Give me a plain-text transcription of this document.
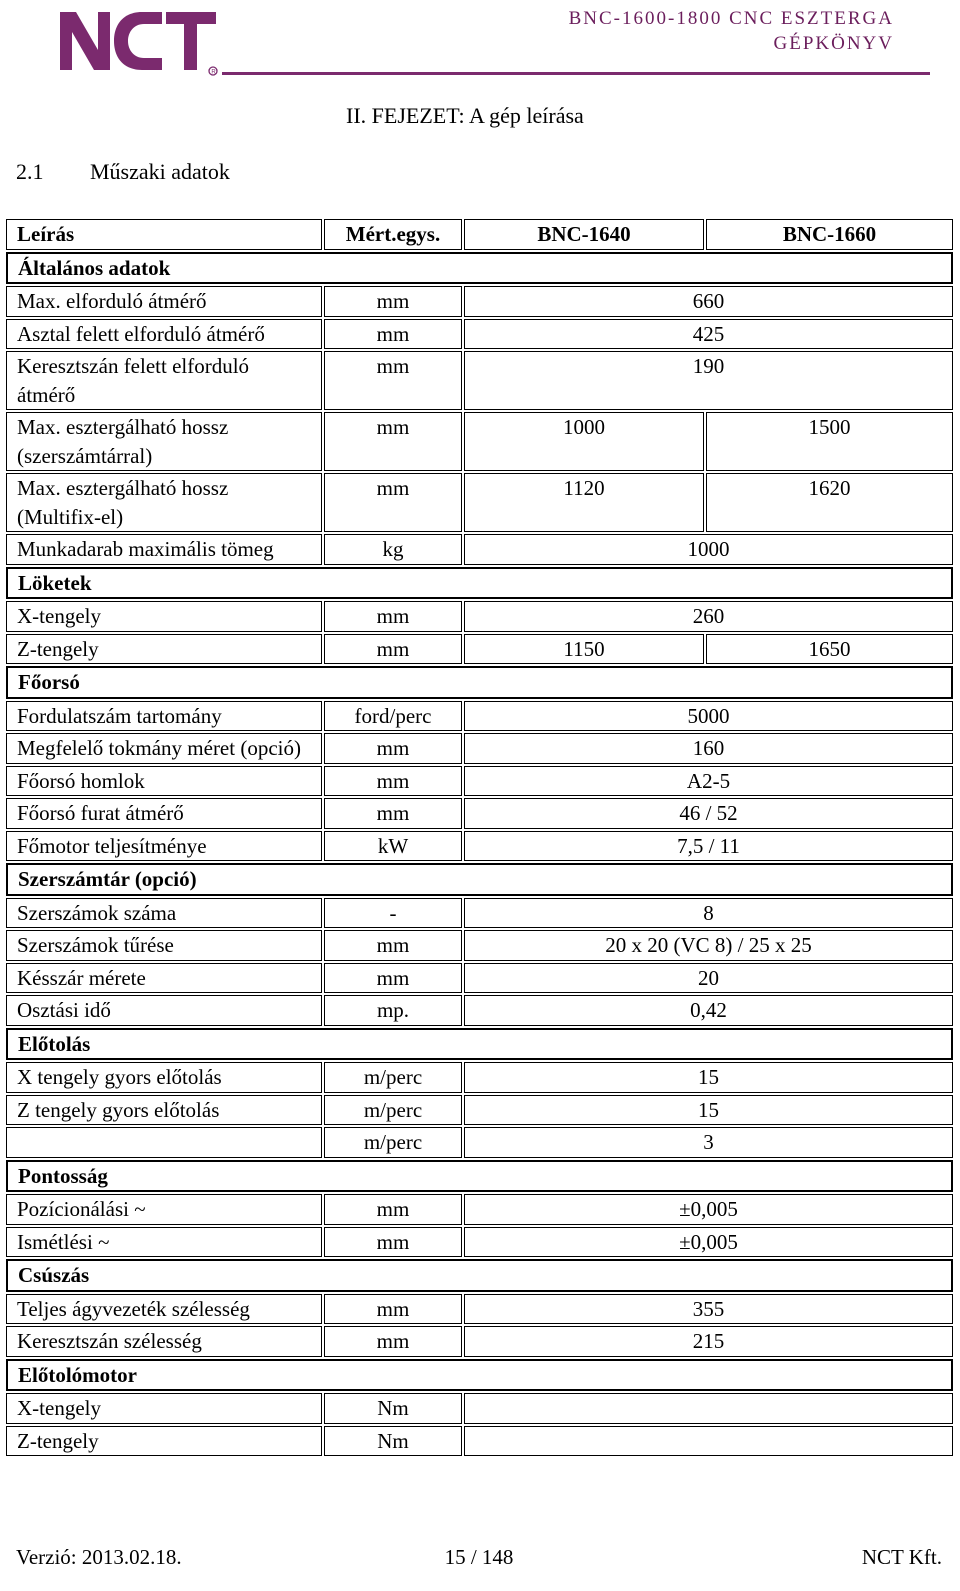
R
BNC-1600-1800 CNC ESZTERGA
GÉPKÖNYV
II. FEJEZET: A gép leírása
2.1 Műszaki adatok
Leírás	Mért.egys.	BNC-1640	BNC-1660
Általános adatok			
Max. elforduló átmérő	mm	660	
Asztal felett elforduló átmérő	mm	425	
Keresztszán felett elforduló átmérő	mm	190	
Max. esztergálható hossz (szerszámtárral)	mm	1000	1500
Max. esztergálható hossz (Multifix-el)	mm	1120	1620
Munkadarab maximális tömeg	kg	1000	
Löketek			
X-tengely	mm	260	
Z-tengely	mm	1150	1650
Főorsó			
Fordulatszám tartomány	ford/perc	5000	
Megfelelő tokmány méret (opció)	mm	160	
Főorsó homlok	mm	A2-5	
Főorsó furat átmérő	mm	46 / 52	
Főmotor teljesítménye	kW	7,5 / 11	
Szerszámtár (opció)			
Szerszámok száma	-	8	
Szerszámok tűrése	mm	20 x 20 (VC 8) / 25 x 25	
Késszár mérete	mm	20	
Osztási idő	mp.	0,42	
Előtolás			
X tengely gyors előtolás	m/perc	15	
Z tengely gyors előtolás	m/perc	15	
	m/perc	3	
Pontosság			
Pozícionálási ~	mm	±0,005	
Ismétlési ~	mm	±0,005	
Csúszás			
Teljes ágyvezeték szélesség	mm	355	
Keresztszán szélesség	mm	215	
Előtolómotor			
X-tengely	Nm		
Z-tengely	Nm		
Verzió: 2013.02.18.	15 / 148	NCT Kft.
